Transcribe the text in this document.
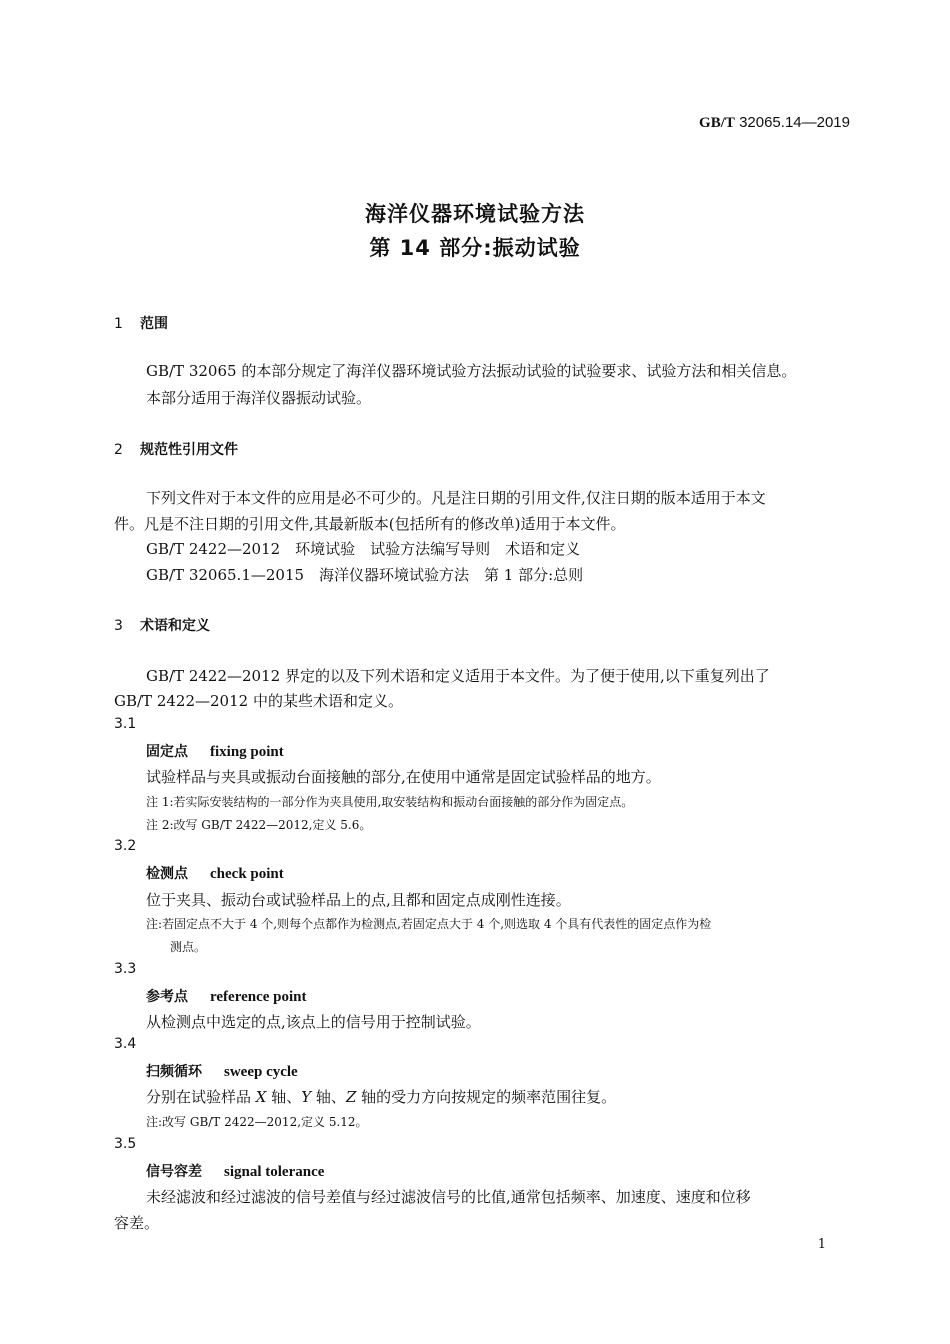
GB/T 32065.14—2019
海洋仪器环境试验方法
第 14 部分:振动试验
1 范围
GB/T 32065 的本部分规定了海洋仪器环境试验方法振动试验的试验要求、试验方法和相关信息。
本部分适用于海洋仪器振动试验。
2 规范性引用文件
下列文件对于本文件的应用是必不可少的。凡是注日期的引用文件,仅注日期的版本适用于本文
件。凡是不注日期的引用文件,其最新版本(包括所有的修改单)适用于本文件。
GB/T 2422—2012　环境试验　试验方法编写导则　术语和定义
GB/T 32065.1—2015　海洋仪器环境试验方法　第 1 部分:总则
3 术语和定义
GB/T 2422—2012 界定的以及下列术语和定义适用于本文件。为了便于使用,以下重复列出了
GB/T 2422—2012 中的某些术语和定义。
3.1
固定点 fixing point
试验样品与夹具或振动台面接触的部分,在使用中通常是固定试验样品的地方。
注 1:若实际安装结构的一部分作为夹具使用,取安装结构和振动台面接触的部分作为固定点。
注 2:改写 GB/T 2422—2012,定义 5.6。
3.2
检测点 check point
位于夹具、振动台或试验样品上的点,且都和固定点成刚性连接。
注:若固定点不大于 4 个,则每个点都作为检测点,若固定点大于 4 个,则选取 4 个具有代表性的固定点作为检
测点。
3.3
参考点 reference point
从检测点中选定的点,该点上的信号用于控制试验。
3.4
扫频循环 sweep cycle
分别在试验样品 X 轴、Y 轴、Z 轴的受力方向按规定的频率范围往复。
注:改写 GB/T 2422—2012,定义 5.12。
3.5
信号容差 signal tolerance
未经滤波和经过滤波的信号差值与经过滤波信号的比值,通常包括频率、加速度、速度和位移
容差。
1
